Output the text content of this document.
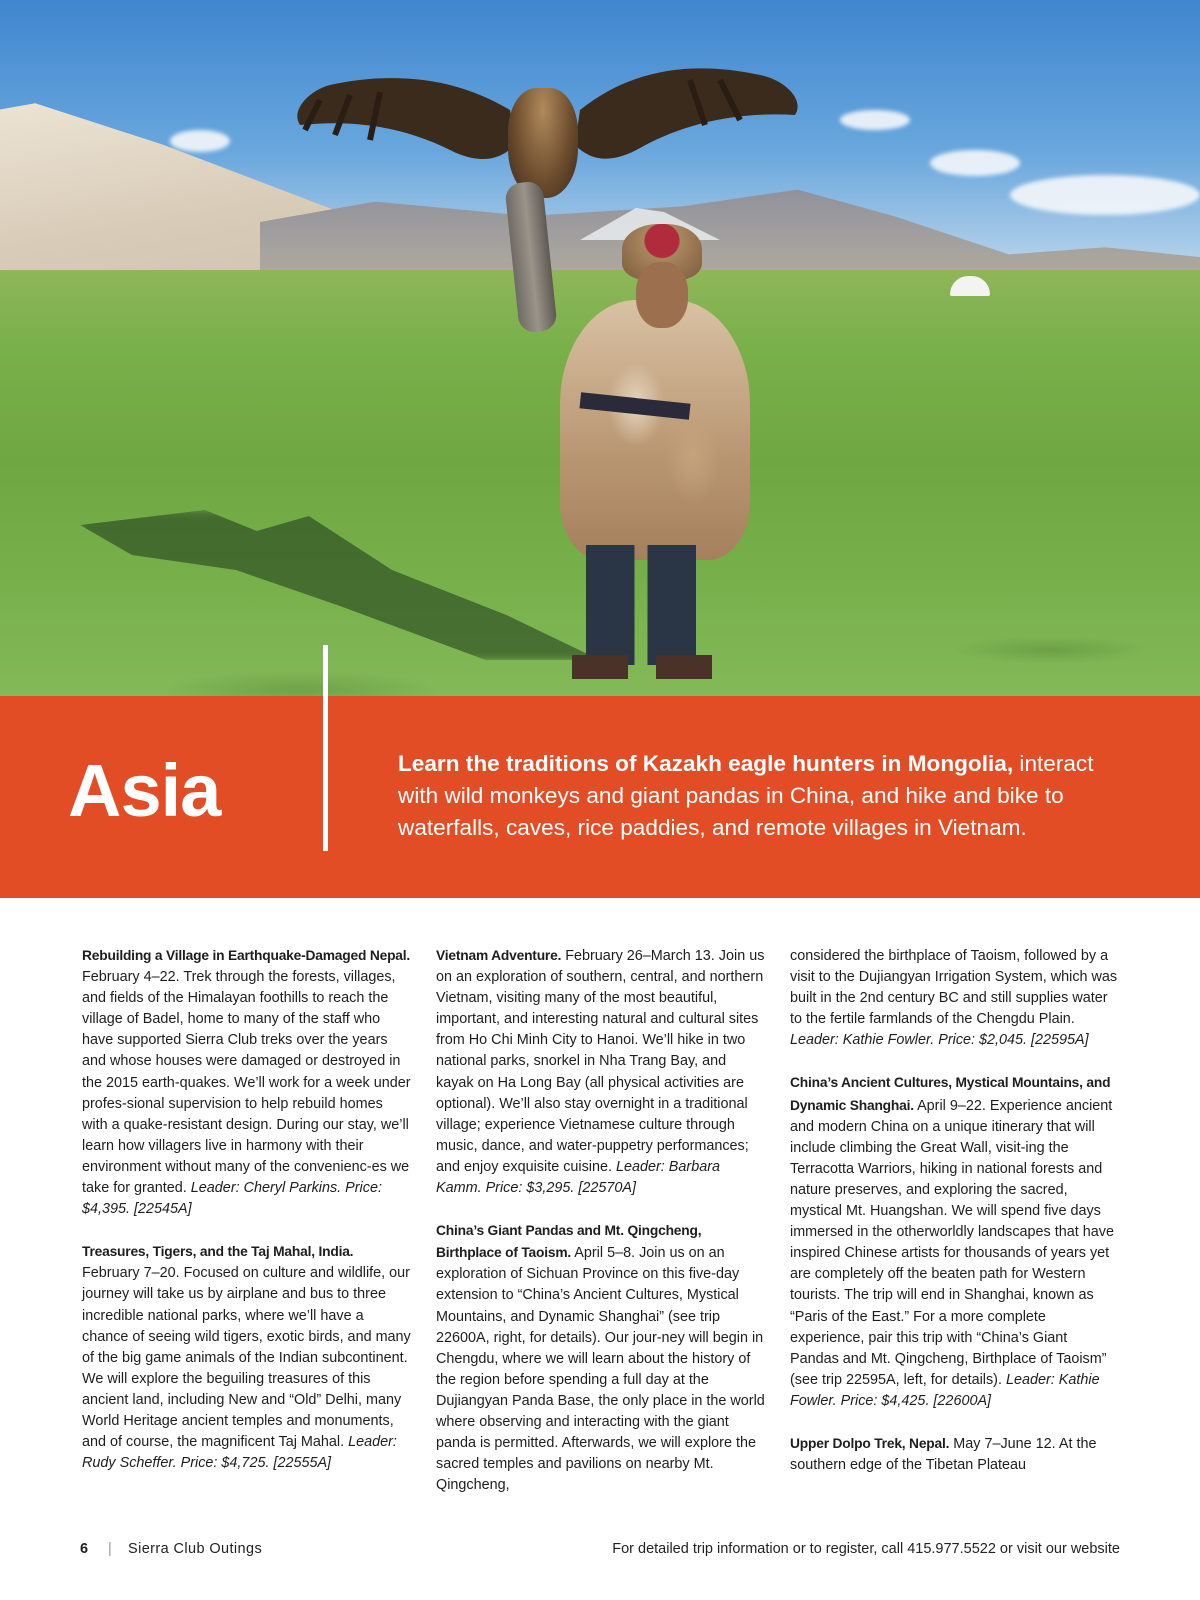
Asia	Learn the traditions of Kazakh eagle hunters in Mongolia, interact with wild monkeys and giant pandas in China, and hike and bike to waterfalls, caves, rice paddies, and remote villages in Vietnam.

Rebuilding a Village in Earthquake-Damaged Nepal. February 4–22. Trek through the forests, villages, and fields of the Himalayan foothills to reach the village of Badel, home to many of the staff who have supported Sierra Club treks over the years and whose houses were damaged or destroyed in the 2015 earth-quakes. We’ll work for a week under profes-sional supervision to help rebuild homes with a quake-resistant design. During our stay, we’ll learn how villagers live in harmony with their environment without many of the convenienc-es we take for granted. Leader: Cheryl Parkins. Price: $4,395. [22545A]

Treasures, Tigers, and the Taj Mahal, India. February 7–20. Focused on culture and wildlife, our journey will take us by airplane and bus to three incredible national parks, where we’ll have a chance of seeing wild tigers, exotic birds, and many of the big game animals of the Indian subcontinent. We will explore the beguiling treasures of this ancient land, including New and “Old” Delhi, many World Heritage ancient temples and monuments, and of course, the magnificent Taj Mahal. Leader: Rudy Scheffer. Price: $4,725. [22555A]

Vietnam Adventure. February 26–March 13. Join us on an exploration of southern, central, and northern Vietnam, visiting many of the most beautiful, important, and interesting natural and cultural sites from Ho Chi Minh City to Hanoi. We’ll hike in two national parks, snorkel in Nha Trang Bay, and kayak on Ha Long Bay (all physical activities are optional). We’ll also stay overnight in a traditional village; experience Vietnamese culture through music, dance, and water-puppetry performances; and enjoy exquisite cuisine. Leader: Barbara Kamm. Price: $3,295. [22570A]

China’s Giant Pandas and Mt. Qingcheng, Birthplace of Taoism. April 5–8. Join us on an exploration of Sichuan Province on this five-day extension to “China’s Ancient Cultures, Mystical Mountains, and Dynamic Shanghai” (see trip 22600A, right, for details). Our jour-ney will begin in Chengdu, where we will learn about the history of the region before spending a full day at the Dujiangyan Panda Base, the only place in the world where observing and interacting with the giant panda is permitted. Afterwards, we will explore the sacred temples and pavilions on nearby Mt. Qingcheng,

considered the birthplace of Taoism, followed by a visit to the Dujiangyan Irrigation System, which was built in the 2nd century BC and still supplies water to the fertile farmlands of the Chengdu Plain. Leader: Kathie Fowler. Price: $2,045. [22595A]

China’s Ancient Cultures, Mystical Mountains, and Dynamic Shanghai. April 9–22. Experience ancient and modern China on a unique itinerary that will include climbing the Great Wall, visit-ing the Terracotta Warriors, hiking in national forests and nature preserves, and exploring the sacred, mystical Mt. Huangshan. We will spend five days immersed in the otherworldly landscapes that have inspired Chinese artists for thousands of years yet are completely off the beaten path for Western tourists. The trip will end in Shanghai, known as “Paris of the East.” For a more complete experience, pair this trip with “China’s Giant Pandas and Mt. Qingcheng, Birthplace of Taoism” (see trip 22595A, left, for details). Leader: Kathie Fowler. Price: $4,425. [22600A]

Upper Dolpo Trek, Nepal. May 7–June 12. At the southern edge of the Tibetan Plateau

6 | Sierra Club Outings	For detailed trip information or to register, call 415.977.5522 or visit our website
